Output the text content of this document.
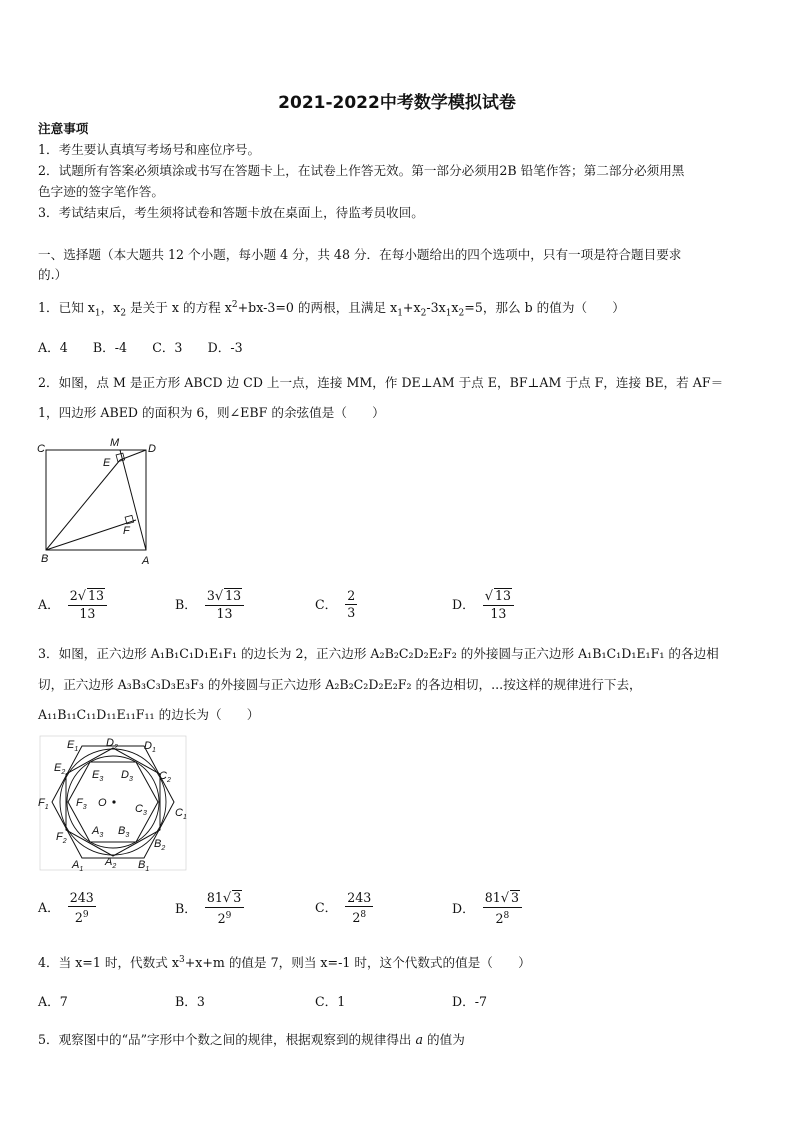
2021-2022中考数学模拟试卷
注意事项
1．考生要认真填写考场号和座位序号。
2．试题所有答案必须填涂或书写在答题卡上，在试卷上作答无效。第一部分必须用2B 铅笔作答；第二部分必须用黑
色字迹的签字笔作答。
3．考试结束后，考生须将试卷和答题卡放在桌面上，待监考员收回。
一、选择题（本大题共 12 个小题，每小题 4 分，共 48 分．在每小题给出的四个选项中，只有一项是符合题目要求
的.）
1．已知 $x_1$，$x_2$ 是关于 x 的方程 $x^2+bx-3=0$ 的两根，且满足 $x_1+x_2-3x_1x_2=5$，那么 b 的值为（　　）
A．4　　B．-4　　C．3　　D．-3
2．如图，点 M 是正方形 ABCD 边 CD 上一点，连接 MM，作 DE⊥AM 于点 E，BF⊥AM 于点 F，连接 BE，若 AF＝
1，四边形 ABED 的面积为 6，则∠EBF 的余弦值是（　　）
C	M	D
E
F
B	A
A． $\frac{2√ 13}{13}$	B． $\frac{3√ 13}{13}$	C． $\frac{2}{3}$	D． $\frac{√ 13}{13}$
3．如图，正六边形 A₁B₁C₁D₁E₁F₁ 的边长为 2，正六边形 A₂B₂C₂D₂E₂F₂ 的外接圆与正六边形 A₁B₁C₁D₁E₁F₁ 的各边相
切，正六边形 A₃B₃C₃D₃E₃F₃ 的外接圆与正六边形 A₂B₂C₂D₂E₂F₂ 的各边相切，...按这样的规律进行下去，
A₁₁B₁₁C₁₁D₁₁E₁₁F₁₁ 的边长为（　　）
$E_1$
$D_2$ $D_1$
$E_2$ $E_3$ $D_3$ $C_2$
$F_1$ $F_3$ O	$C_3$	$C_1$
$F_2$
$A_3$ $B_3$
$B_2$
$A_1$
$A_2$ $B_1$
A． $\frac{243}{2^9}$	B． $\frac{81√ 3}{2^9}$	C． $\frac{243}{2^8}$	D． $\frac{81√ 3}{2^8}$
4．当 x=1 时，代数式 $x^3+x+m$ 的值是 7，则当 x=-1 时，这个代数式的值是（　　）
A．7	B．3	C．1	D．-7
5．观察图中的“品”字形中个数之间的规律，根据观察到的规律得出 a 的值为
